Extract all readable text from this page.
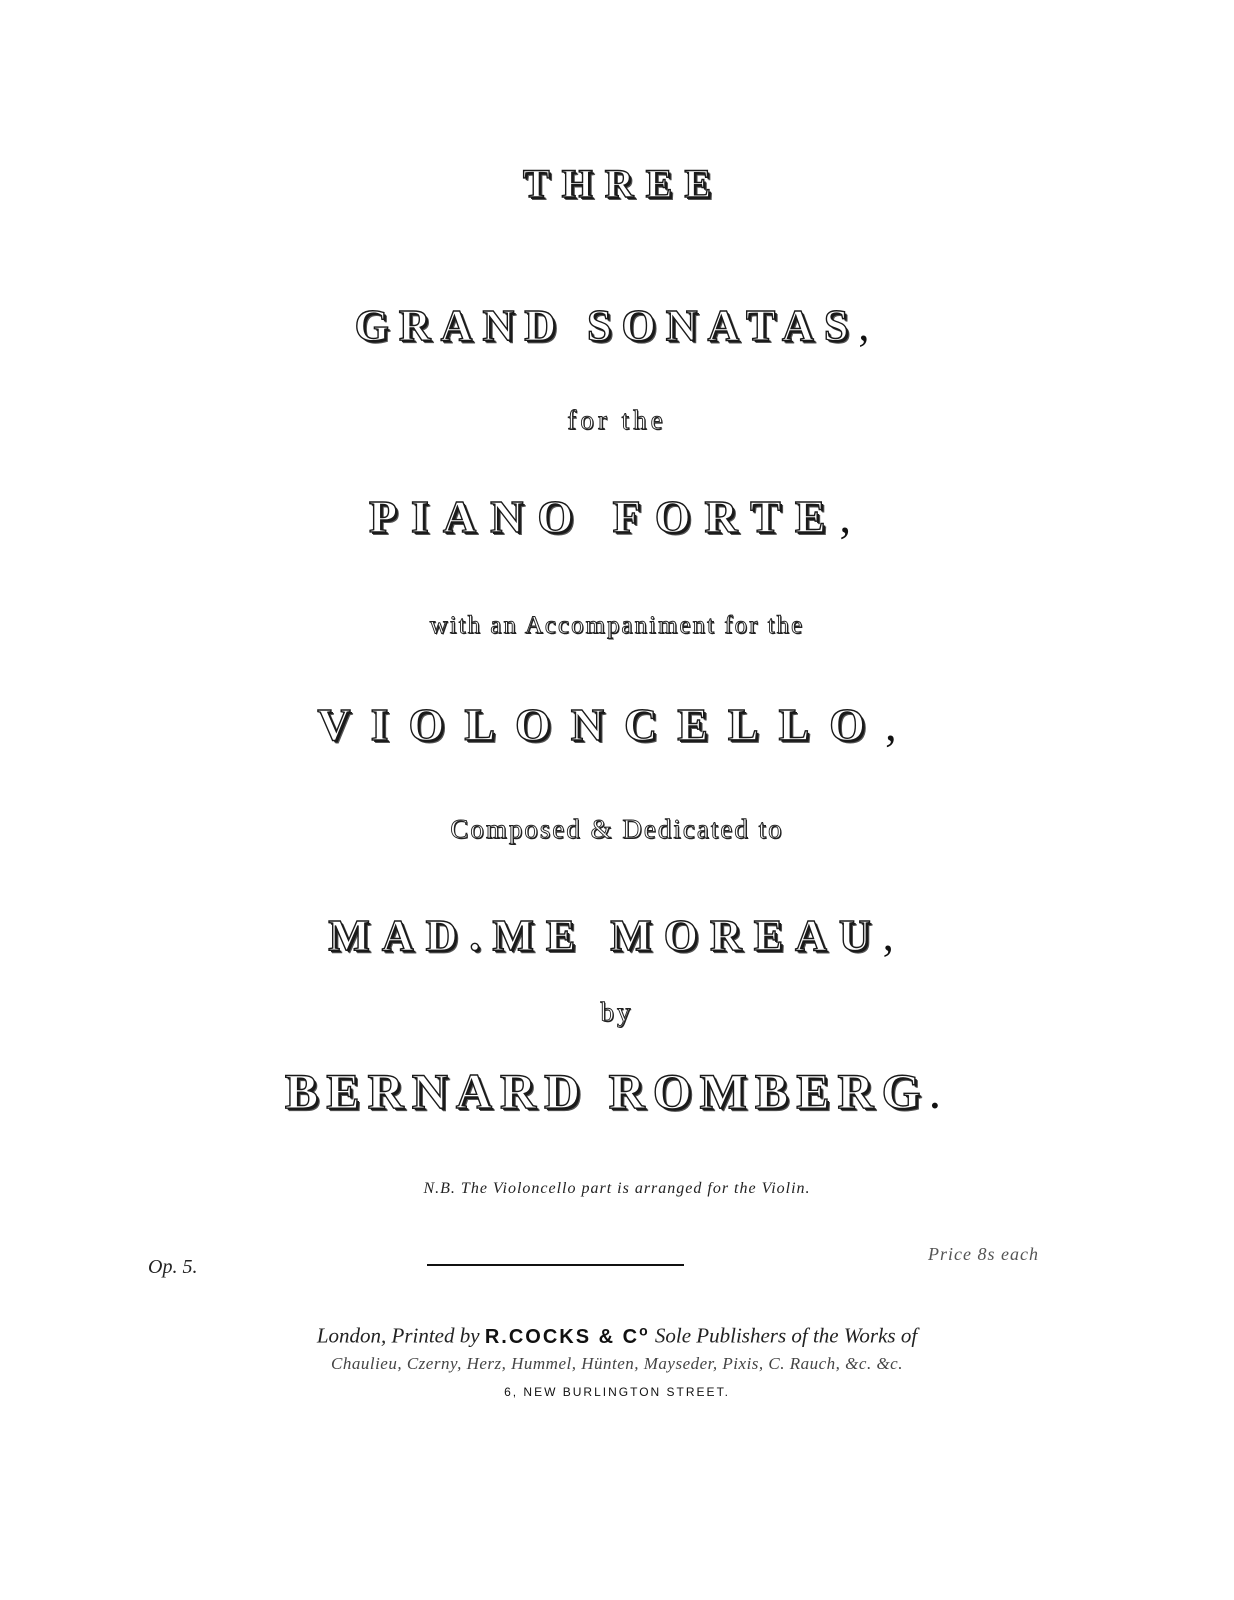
THREE
GRAND SONATAS,
for the
PIANO FORTE,
with an Accompaniment for the
VIOLONCELLO,
Composed & Dedicated to
MAD.ME MOREAU,
by
BERNARD ROMBERG.
N.B. The Violoncello part is arranged for the Violin.
Op. 5.
Price 8s each
London, Printed by R.COCKS & $C^o$ Sole Publishers of the Works of
Chaulieu, Czerny, Herz, Hummel, Hünten, Mayseder, Pixis, C. Rauch, &c. &c.
6, NEW BURLINGTON STREET.
